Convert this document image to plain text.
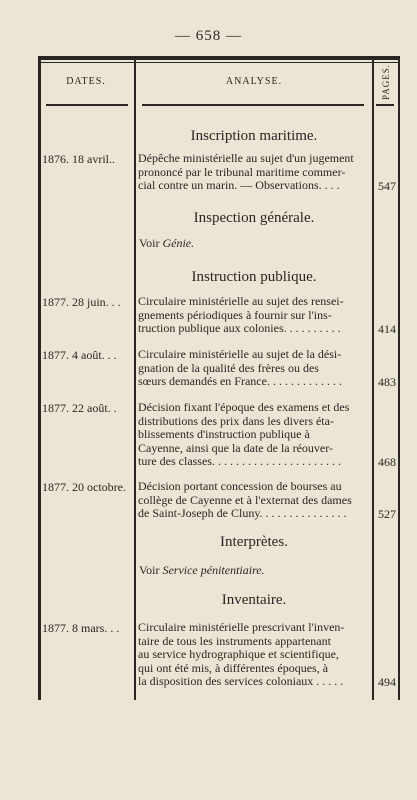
— 658 —
DATES.	ANALYSE.	PAGES.
Inscription maritime.
1876. 18 avril..	Dépêche ministérielle au sujet d'un jugement
prononcé par le tribunal maritime commer-
cial contre un marin. — Observations. . . .	547
Inspection générale.
Voir Génie.
Instruction publique.
1877. 28 juin. . .	Circulaire ministérielle au sujet des rensei-
gnements périodiques à fournir sur l'ins-
truction publique aux colonies. . . . . . . . . .	414
1877. 4 août. . .	Circulaire ministérielle au sujet de la dési-
gnation de la qualité des frères ou des
sœurs demandés en France. . . . . . . . . . . . .	483
1877. 22 août. .	Décision fixant l'époque des examens et des
distributions des prix dans les divers éta-
blissements d'instruction publique à
Cayenne, ainsi que la date de la réouver-
ture des classes. . . . . . . . . . . . . . . . . . . . . .	468
1877. 20 octobre.	Décision portant concession de bourses au
collège de Cayenne et à l'externat des dames
de Saint-Joseph de Cluny. . . . . . . . . . . . . . .	527
Interprètes.
Voir Service pénitentiaire.
Inventaire.
1877. 8 mars. . .	Circulaire ministérielle prescrivant l'inven-
taire de tous les instruments appartenant
au service hydrographique et scientifique,
qui ont été mis, à différentes époques, à
la disposition des services coloniaux . . . . .	494
